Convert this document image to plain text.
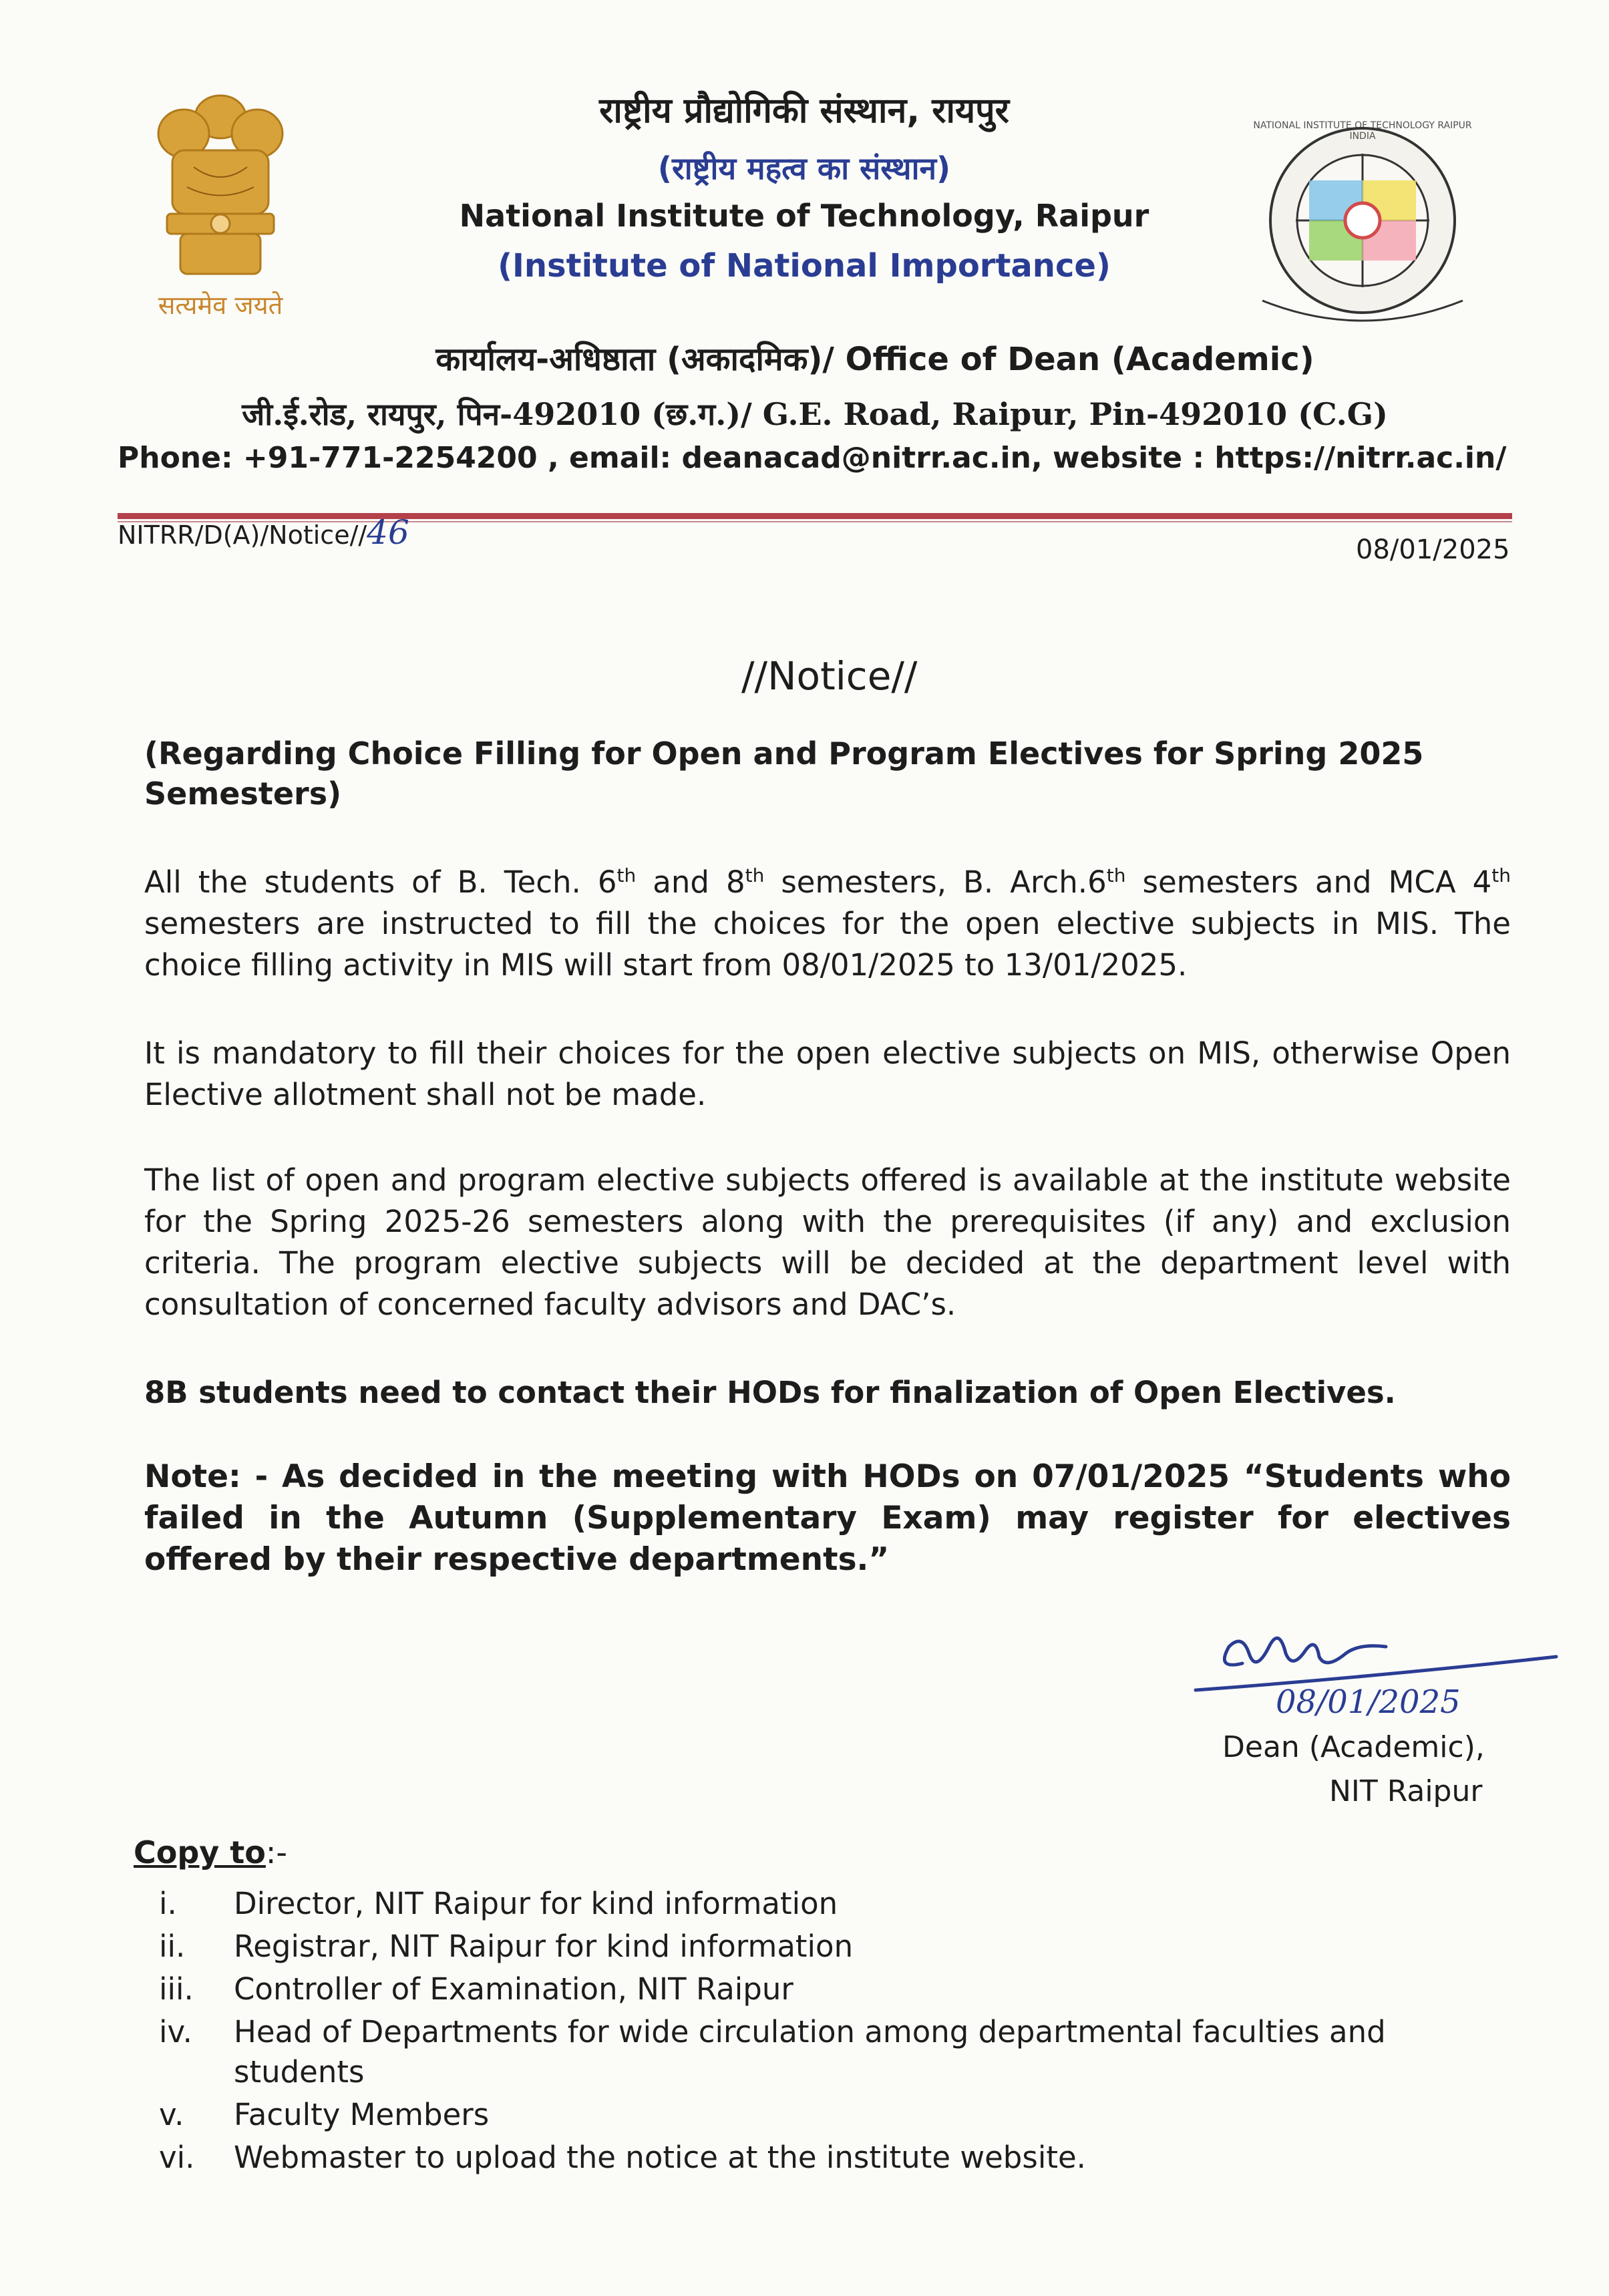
सत्यमेव जयते
NATIONAL INSTITUTE OF TECHNOLOGY RAIPUR INDIA
राष्ट्रीय प्रौद्योगिकी संस्थान, रायपुर
(राष्ट्रीय महत्व का संस्थान)
National Institute of Technology, Raipur
(Institute of National Importance)
कार्यालय-अधिष्ठाता (अकादमिक)/ Office of Dean (Academic)
जी.ई.रोड, रायपुर, पिन-492010 (छ.ग.)/ G.E. Road, Raipur, Pin-492010 (C.G)
Phone: +91-771-2254200 , email: deanacad@nitrr.ac.in, website : https://nitrr.ac.in/
NITRR/D(A)/Notice//46	08/01/2025
//Notice//
(Regarding Choice Filling for Open and Program Electives for Spring 2025 Semesters)
All the students of B. Tech. 6th and 8th semesters, B. Arch.6th semesters and MCA 4th semesters are instructed to fill the choices for the open elective subjects in MIS. The choice filling activity in MIS will start from 08/01/2025 to 13/01/2025.
It is mandatory to fill their choices for the open elective subjects on MIS, otherwise Open Elective allotment shall not be made.
The list of open and program elective subjects offered is available at the institute website for the Spring 2025-26 semesters along with the prerequisites (if any) and exclusion criteria. The program elective subjects will be decided at the department level with consultation of concerned faculty advisors and DAC’s.
8B students need to contact their HODs for finalization of Open Electives.
Note: - As decided in the meeting with HODs on 07/01/2025 “Students who failed in the Autumn (Supplementary Exam) may register for electives offered by their respective departments.”
08/01/2025
Dean (Academic),
NIT Raipur
Copy to:-
i.	Director, NIT Raipur for kind information
ii.	Registrar, NIT Raipur for kind information
iii.	Controller of Examination, NIT Raipur
iv.	Head of Departments for wide circulation among departmental faculties and students
v.	Faculty Members
vi.	Webmaster to upload the notice at the institute website.
